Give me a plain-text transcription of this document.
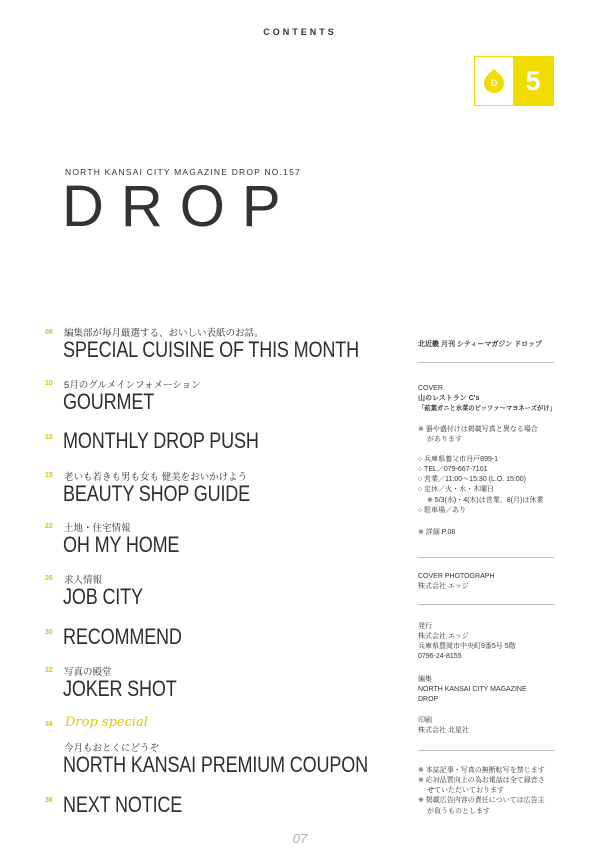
CONTENTS
D	5
NORTH KANSAI CITY MAGAZINE DROP NO.157
DROP
08 編集部が毎月厳選する、おいしい表紙のお話。
SPECIAL CUISINE OF THIS MONTH
10 5月のグルメインフォメーション
GOURMET
12 MONTHLY DROP PUSH
15 老いも若きも男も女も 健美をおいかけよう
BEAUTY SHOP GUIDE
22 土地・住宅情報
OH MY HOME
26 求人情報
JOB CITY
30 RECOMMEND
32 写真の殿堂
JOKER SHOT
34 Drop special
今月もおとくにどうぞ
NORTH KANSAI PREMIUM COUPON
36 NEXT NOTICE
北近畿 月刊 シティーマガジン ドロップ
COVER
山のレストラン C's
「菘葉ガニと水菜のピッツァ〜マヨネーズがけ」
※ 器や盛付けは掲載写真と異なる場合
があります
○ 兵庫県養父市丹戸899-1
○ TEL／079-667-7101
○ 営業／11:00〜15:30 (L.O. 15:00)
○ 定休／火・水・木曜日
※ 5/3(水)・4(木)は営業、8(月)は休業
○ 駐車場／あり
※ 詳細 P.08
COVER PHOTOGRAPH
株式会社 エッジ
発行
株式会社 エッジ
兵庫県豊岡市中央町9番5号 5階
0796-24-8155
編集
NORTH KANSAI CITY MAGAZINE
DROP
印刷
株式会社 北星社
※ 本誌記事・写真の無断転写を禁じます
※ 応対品質向上の為お電話は全て録音さ
せていただいております
※ 掲載広告内容の責任については広告主
が負うものとします
07
